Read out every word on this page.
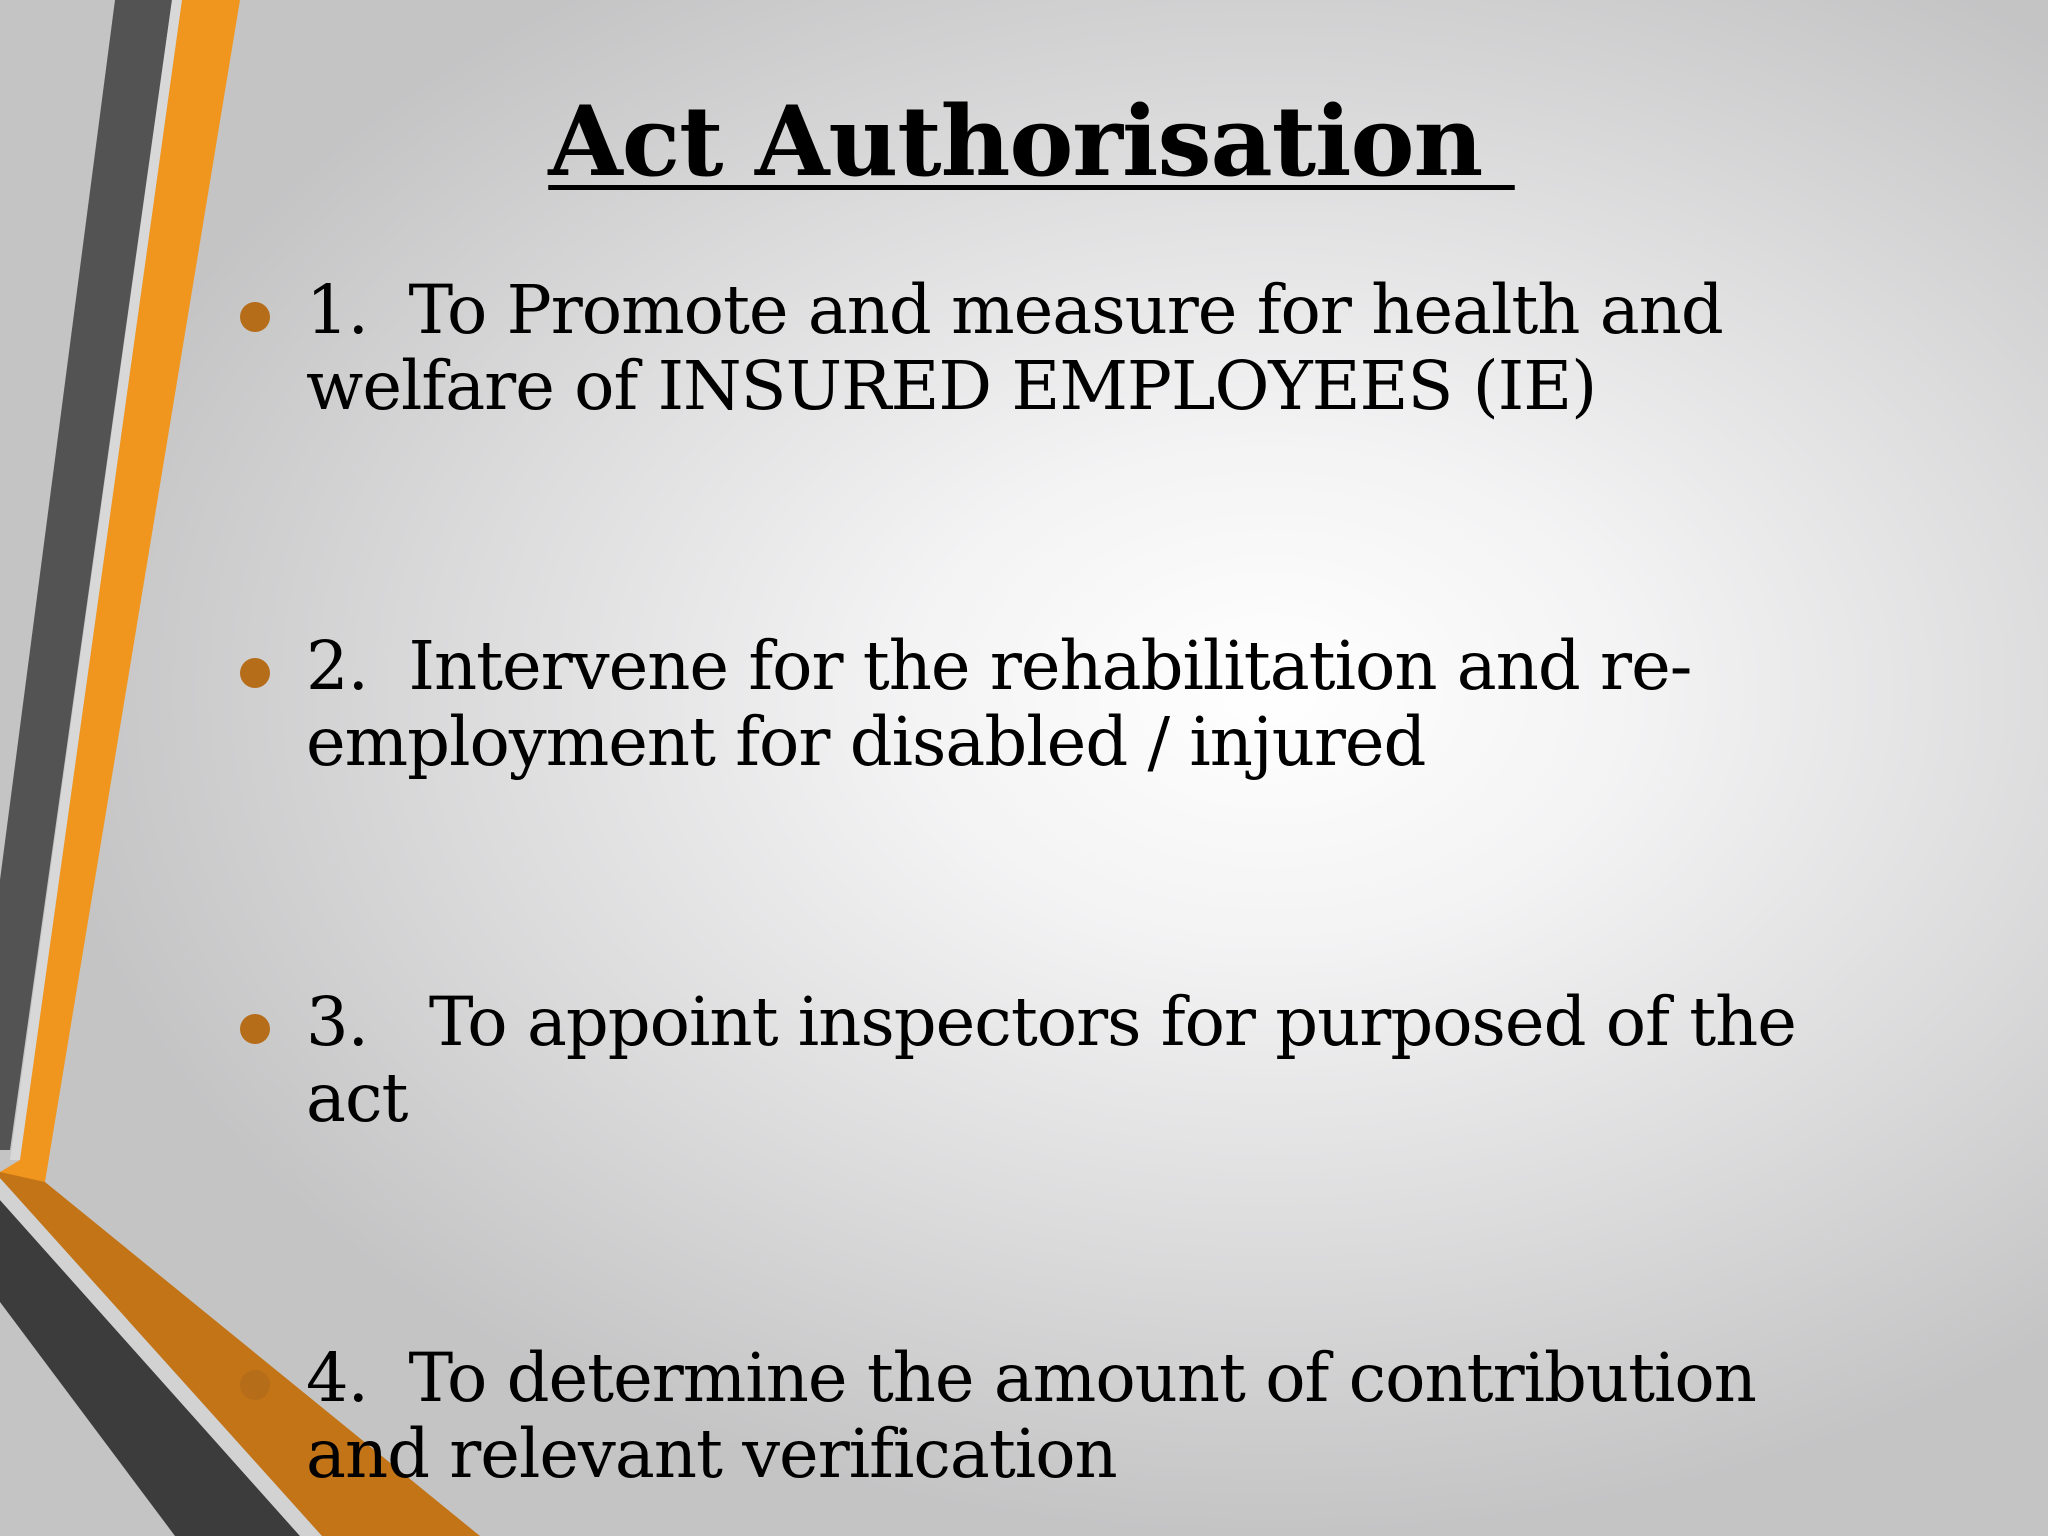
Act Authorisation
1.  To Promote and measure for health and welfare of INSURED EMPLOYEES (IE)
2.  Intervene for the rehabilitation and re-employment for disabled / injured
3.   To appoint inspectors for purposed of the act
4.  To determine the amount of contribution and relevant verification
